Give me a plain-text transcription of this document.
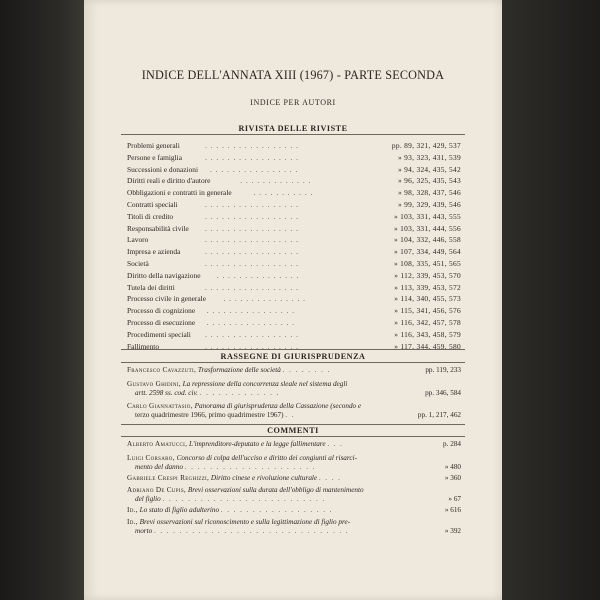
INDICE DELL'ANNATA XIII (1967) - PARTE SECONDA
INDICE PER AUTORI
RIVISTA DELLE RIVISTE
Problemi generali	. . . . . . . . . . . . . . . . .	pp. 89, 321, 429, 537
Persone e famiglia	. . . . . . . . . . . . . . . . .	» 93, 323, 431, 539
Successioni e donazioni . . . . . . . . . . . . . . . .	» 94, 324, 435, 542
Diritti reali e diritto d'autore	. . . . . . . . . . . . .	» 96, 325, 435, 543
Obbligazioni e contratti in generale	. . . . . . . . . . .	» 98, 328, 437, 546
Contratti speciali	. . . . . . . . . . . . . . . . .	» 99, 329, 439, 546
Titoli di credito	. . . . . . . . . . . . . . . . .	» 103, 331, 443, 555
Responsabilità civile . . . . . . . . . . . . . . . . .	» 103, 331, 444, 556
Lavoro	. . . . . . . . . . . . . . . . .	» 104, 332, 446, 558
Impresa e azienda	. . . . . . . . . . . . . . . . .	» 107, 334, 449, 564
Società	. . . . . . . . . . . . . . . . .	» 108, 335, 451, 565
Diritto della navigazione . . . . . . . . . . . . . . .	» 112, 339, 453, 570
Tutela dei diritti	. . . . . . . . . . . . . . . . .	» 113, 339, 453, 572
Processo civile in generale . . . . . . . . . . . . . . .	» 114, 340, 455, 573
Processo di cognizione . . . . . . . . . . . . . . . .	» 115, 341, 456, 576
Processo di esecuzione . . . . . . . . . . . . . . . .	» 116, 342, 457, 578
Procedimenti speciali . . . . . . . . . . . . . . . . .	» 116, 343, 458, 579
Fallimento	. . . . . . . . . . . . . . . . .	» 117, 344, 459, 580
RASSEGNE DI GIURISPRUDENZA
Francesco Cavazzuti, Trasformazione delle società . . . . . . . .	pp. 119, 233
Gustavo Ghidini, La repressione della concorrenza sleale nel sistema degli
artt. 2598 ss. cod. civ. . . . . . . . . . . . . .	pp. 346, 584
Carlo Giannattasio, Panorama di giurisprudenza della Cassazione (secondo e
terzo quadrimestre 1966, primo quadrimestre 1967) . .	pp. 1, 217, 462
COMMENTI
Alberto Amatucci, L'imprenditore-deputato e la legge fallimentare . . .	p. 284
Luigi Corsaro, Concorso di colpa dell'ucciso e diritto dei congiunti al risarci-
mento del danno . . . . . . . . . . . . . . . . . . . . .	» 480
Gabriele Crespi Reghizzi, Diritto cinese e rivoluzione culturale . . . .	» 360
Adriano De Cupis, Brevi osservazioni sulla durata dell'obbligo di mantenimento
del figlio . . . . . . . . . . . . . . . . . . . . . . . . . .	» 67
Id., Lo stato di figlio adulterino . . . . . . . . . . . . . . . . . .	» 616
Id., Brevi osservazioni sul riconoscimento e sulla legittimazione di figlio pre-
morto . . . . . . . . . . . . . . . . . . . . . . . . . . . . . . .	» 392
